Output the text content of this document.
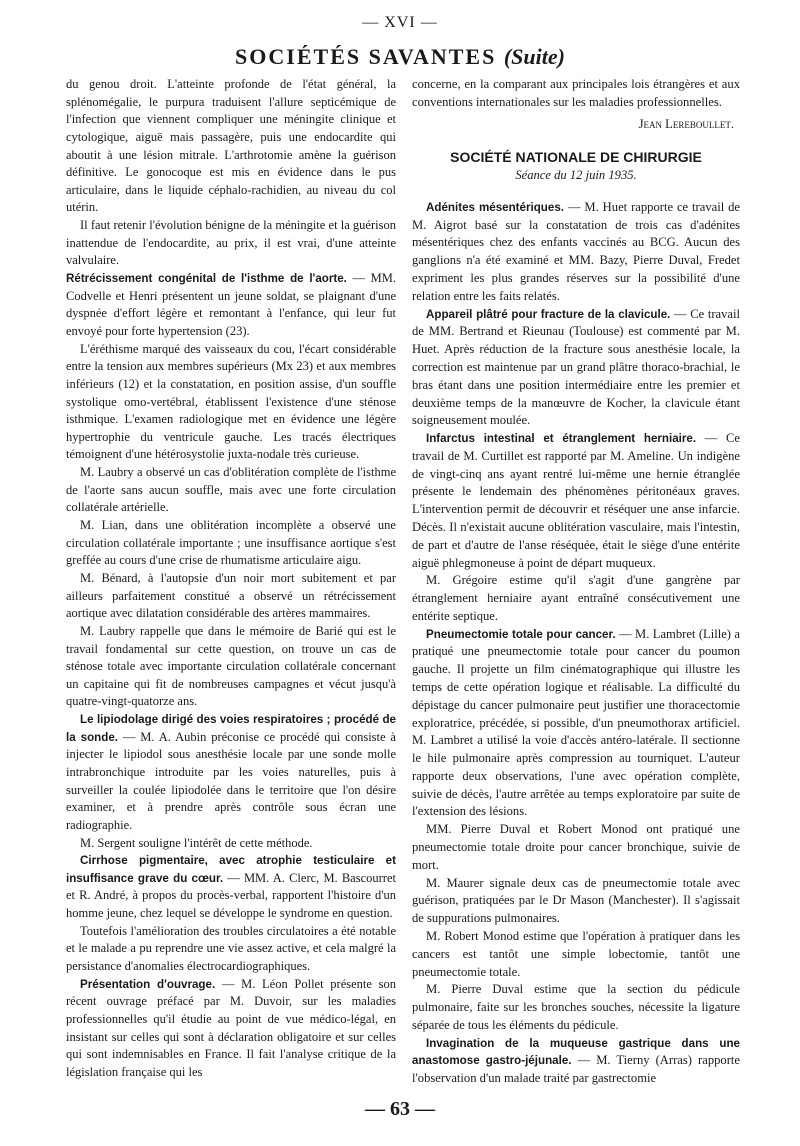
— XVI —
SOCIÉTÉS SAVANTES (Suite)

du genou droit. L'atteinte profonde de l'état général, la splénomégalie, le purpura traduisent l'allure septicémique de l'infection que viennent compliquer une méningite clinique et cytologique, aiguë mais passagère, puis une endocardite qui aboutit à une lésion mitrale. L'arthrotomie amène la guérison définitive. Le gonocoque est mis en évidence dans le pus articulaire, dans le liquide céphalo-rachidien, au niveau du col utérin.

Il faut retenir l'évolution bénigne de la méningite et la guérison inattendue de l'endocardite, au prix, il est vrai, d'une atteinte valvulaire.

Rétrécissement congénital de l'isthme de l'aorte. — MM. Codvelle et Henri présentent un jeune soldat, se plaignant d'une dyspnée d'effort légère et remontant à l'enfance, qui leur fut envoyé pour forte hypertension (23).

L'éréthisme marqué des vaisseaux du cou, l'écart considérable entre la tension aux membres supérieurs (Mx 23) et aux membres inférieurs (12) et la constatation, en position assise, d'un souffle systolique omo-vertébral, établissent l'existence d'une sténose isthmique. L'examen radiologique met en évidence une légère hypertrophie du ventricule gauche. Les tracés électriques témoignent d'une hétérosystolie juxta-nodale très curieuse.

M. Laubry a observé un cas d'oblitération complète de l'isthme de l'aorte sans aucun souffle, mais avec une forte circulation collatérale artérielle.

M. Lian, dans une oblitération incomplète a observé une circulation collatérale importante ; une insuffisance aortique s'est greffée au cours d'une crise de rhumatisme articulaire aigu.

M. Bénard, à l'autopsie d'un noir mort subitement et par ailleurs parfaitement constitué a observé un rétrécissement aortique avec dilatation considérable des artères mammaires.

M. Laubry rappelle que dans le mémoire de Barié qui est le travail fondamental sur cette question, on trouve un cas de sténose totale avec importante circulation collatérale concernant un capitaine qui fit de nombreuses campagnes et vécut jusqu'à quatre-vingt-quatorze ans.

Le lipiodolage dirigé des voies respiratoires ; procédé de la sonde. — M. A. Aubin préconise ce procédé qui consiste à injecter le lipiodol sous anesthésie locale par une sonde molle intrabronchique introduite par les voies naturelles, puis à surveiller la coulée lipiodolée dans le territoire que l'on désire examiner, et à prendre après contrôle sous écran une radiographie.

M. Sergent souligne l'intérêt de cette méthode.

Cirrhose pigmentaire, avec atrophie testiculaire et insuffisance grave du cœur. — MM. A. Clerc, M. Bascourret et R. André, à propos du procès-verbal, rapportent l'histoire d'un homme jeune, chez lequel se développe le syndrome en question.

Toutefois l'amélioration des troubles circulatoires a été notable et le malade a pu reprendre une vie assez active, et cela malgré la persistance d'anomalies électrocardiographiques.

Présentation d'ouvrage. — M. Léon Pollet présente son récent ouvrage préfacé par M. Duvoir, sur les maladies professionnelles qu'il étudie au point de vue médico-légal, en insistant sur celles qui sont à déclaration obligatoire et sur celles qui sont indemnisables en France. Il fait l'analyse critique de la législation française qui les

concerne, en la comparant aux principales lois étrangères et aux conventions internationales sur les maladies professionnelles.

Jean Lereboullet.
SOCIÉTÉ NATIONALE DE CHIRURGIE
Séance du 12 juin 1935.

Adénites mésentériques. — M. Huet rapporte ce travail de M. Aigrot basé sur la constatation de trois cas d'adénites mésentériques chez des enfants vaccinés au BCG. Aucun des ganglions n'a été examiné et MM. Bazy, Pierre Duval, Fredet expriment les plus grandes réserves sur la possibilité d'une relation entre les faits relatés.

Appareil plâtré pour fracture de la clavicule. — Ce travail de MM. Bertrand et Rieunau (Toulouse) est commenté par M. Huet. Après réduction de la fracture sous anesthésie locale, la correction est maintenue par un grand plâtre thoraco-brachial, le bras étant dans une position intermédiaire entre les premier et deuxième temps de la manœuvre de Kocher, la clavicule étant soigneusement moulée.

Infarctus intestinal et étranglement herniaire. — Ce travail de M. Curtillet est rapporté par M. Ameline. Un indigène de vingt-cinq ans ayant rentré lui-même une hernie étranglée présente le lendemain des phénomènes péritonéaux graves. L'intervention permit de découvrir et réséquer une anse infarcie. Décès. Il n'existait aucune oblitération vasculaire, mais l'intestin, de part et d'autre de l'anse réséquée, était le siège d'une entérite aiguë phlegmoneuse à point de départ muqueux.

M. Grégoire estime qu'il s'agit d'une gangrène par étranglement herniaire ayant entraîné consécutivement une entérite septique.

Pneumectomie totale pour cancer. — M. Lambret (Lille) a pratiqué une pneumectomie totale pour cancer du poumon gauche. Il projette un film cinématographique qui illustre les temps de cette opération logique et réalisable. La difficulté du dépistage du cancer pulmonaire peut justifier une thoracectomie exploratrice, précédée, si possible, d'un pneumothorax artificiel. M. Lambret a utilisé la voie d'accès antéro-latérale. Il sectionne le hile pulmonaire après compression au tourniquet. L'auteur rapporte deux observations, l'une avec opération complète, suivie de décès, l'autre arrêtée au temps exploratoire par suite de l'extension des lésions.

MM. Pierre Duval et Robert Monod ont pratiqué une pneumectomie totale droite pour cancer bronchique, suivie de mort.

M. Maurer signale deux cas de pneumectomie totale avec guérison, pratiquées par le Dr Mason (Manchester). Il s'agissait de suppurations pulmonaires.

M. Robert Monod estime que l'opération à pratiquer dans les cancers est tantôt une simple lobectomie, tantôt une pneumectomie totale.

M. Pierre Duval estime que la section du pédicule pulmonaire, faite sur les bronches souches, nécessite la ligature séparée de tous les éléments du pédicule.

Invagination de la muqueuse gastrique dans une anastomose gastro-jéjunale. — M. Tierny (Arras) rapporte l'observation d'un malade traité par gastrectomie

— 63 —
